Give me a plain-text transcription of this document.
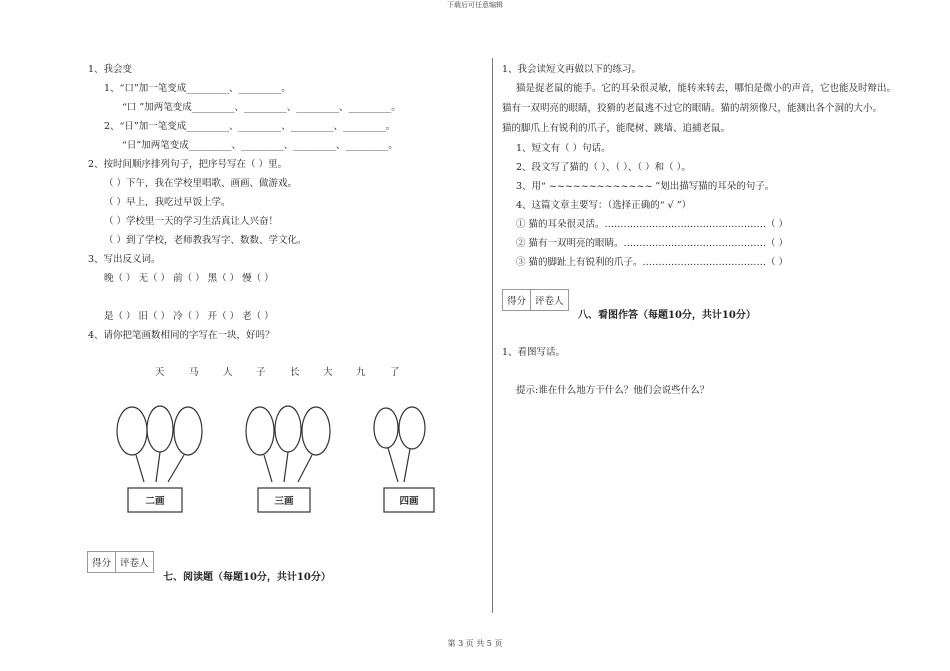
下载后可任意编辑
1、我会变
1、“口”加一笔变成_________、_________。
“口 ”加两笔变成_________、_________、_________、_________。
2、“日”加一笔变成_________、_________、_________、_________。
“日”加两笔变成_________、_________、_________、_________。
2、按时间顺序排列句子，把序号写在（ ）里。
（ ）下午，我在学校里唱歌、画画、做游戏。
（ ）早上，我吃过早饭上学。
（ ）学校里一天的学习生活真让人兴奋！
（ ）到了学校，老师教我写字、数数、学文化。
3、写出反义词。
晚（ ） 无（ ） 前（ ） 黑（ ） 慢（ ）
是（ ） 旧（ ） 冷（ ） 开（ ） 老（ ）
4、请你把笔画数相同的字写在一块，好吗？
天	马	人 子	长 大 九	了
二画	三画	四画
得分 评卷人
七、阅读题（每题10分，共计10分）
1、我会读短文再做以下的练习。
猫是捉老鼠的能手。它的耳朵很灵敏，能转来转去，哪怕是微小的声音，它也能及时辩出。
猫有一双明亮的眼睛，狡猾的老鼠逃不过它的眼睛。猫的胡须像尺，能测出各个洞的大小。
猫的脚爪上有锐利的爪子，能爬树、跳墙、追捕老鼠。
1、短文有（ ）句话。
2、段文写了猫的（ ）、（ ）、（ ）和（ ）。
3、用“ ~~~~~~~~~~~~~ ”划出描写猫的耳朵的句子。
4、这篇文章主要写：（选择正确的“ √ ”）
① 猫的耳朵很灵活。……………………………………………（ ）
② 猫有一双明亮的眼睛。………………………………………（ ）
③ 猫的脚趾上有锐利的爪子。…………………………………（ ）
得分 评卷人
八、看图作答（每题10分，共计10分）
1、看图写话。
提示:谁在什么地方干什么？他们会说些什么？
第 3 页 共 5 页
